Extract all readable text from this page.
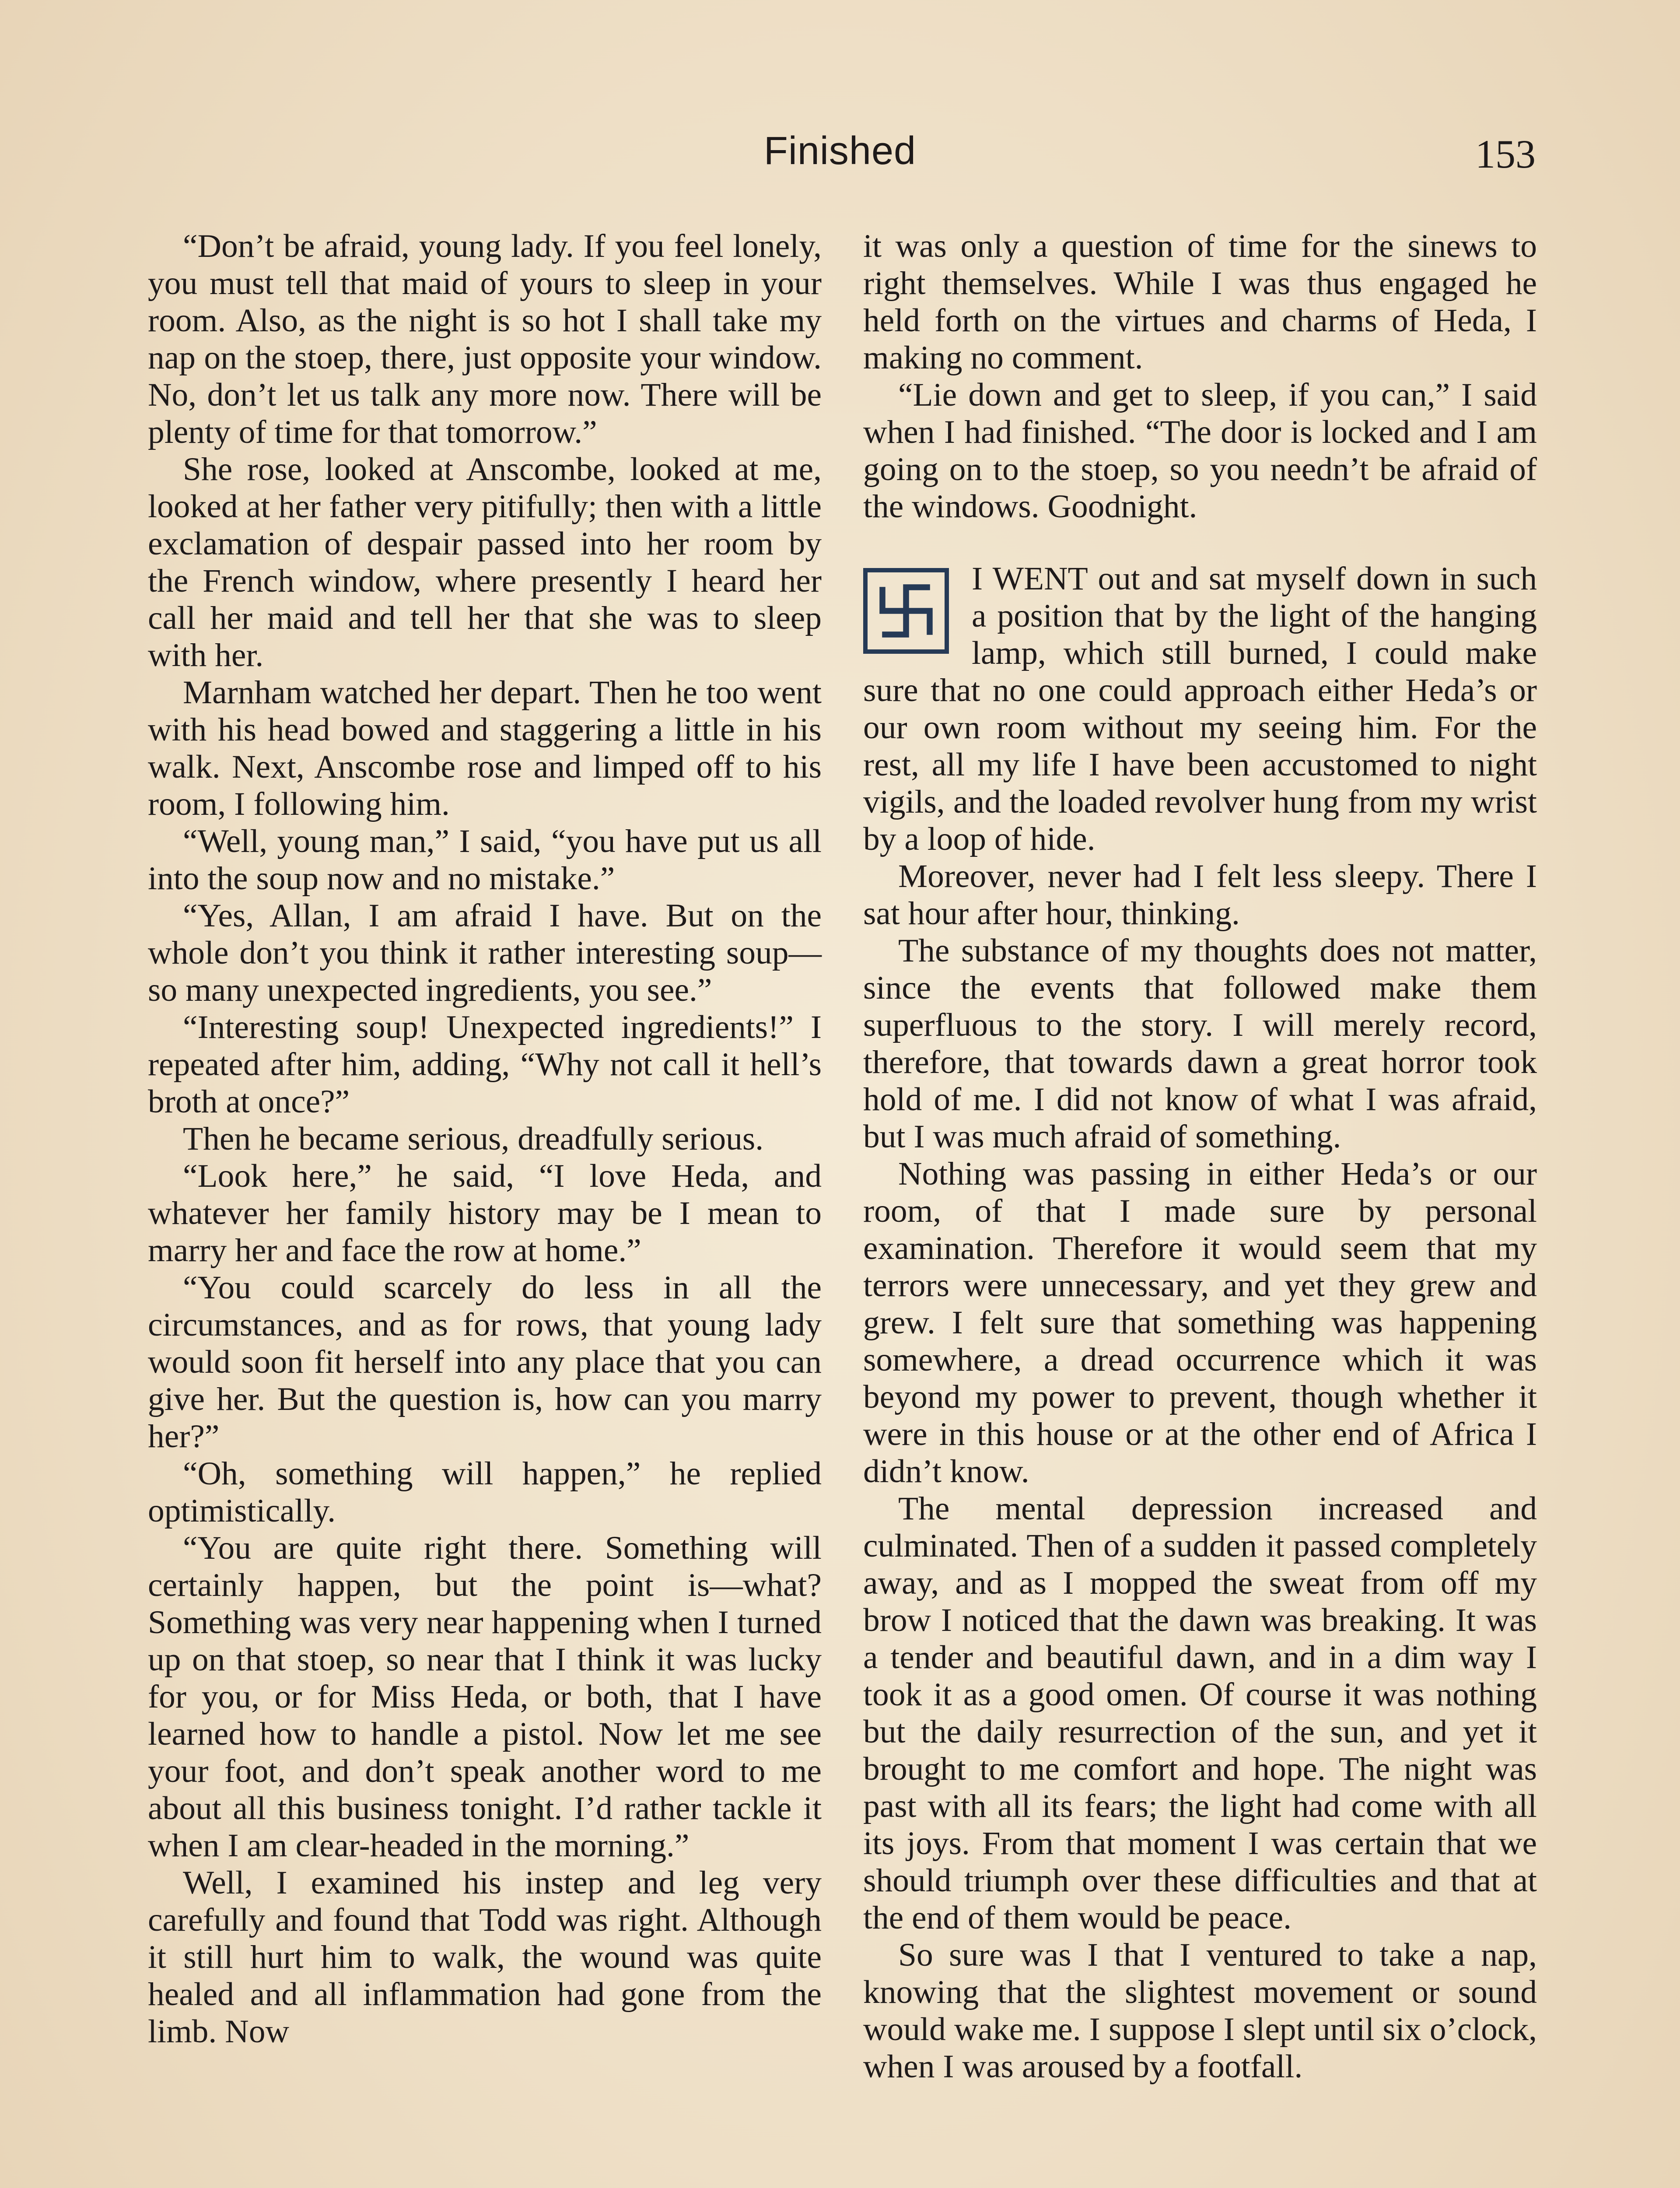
Finished	153

“Don’t be afraid, young lady. If you feel lonely, you must tell that maid of yours to sleep in your room. Also, as the night is so hot I shall take my nap on the stoep, there, just opposite your window. No, don’t let us talk any more now. There will be plenty of time for that tomorrow.”

She rose, looked at Anscombe, looked at me, looked at her father very pitifully; then with a little exclamation of despair passed into her room by the French window, where presently I heard her call her maid and tell her that she was to sleep with her.

Marnham watched her depart. Then he too went with his head bowed and staggering a little in his walk. Next, Anscombe rose and limped off to his room, I following him.

“Well, young man,” I said, “you have put us all into the soup now and no mistake.”

“Yes, Allan, I am afraid I have. But on the whole don’t you think it rather interesting soup—so many unexpected ingredients, you see.”

“Interesting soup! Unexpected ingredients!” I repeated after him, adding, “Why not call it hell’s broth at once?”

Then he became serious, dreadfully serious.

“Look here,” he said, “I love Heda, and whatever her family history may be I mean to marry her and face the row at home.”

“You could scarcely do less in all the circumstances, and as for rows, that young lady would soon fit herself into any place that you can give her. But the question is, how can you marry her?”

“Oh, something will happen,” he replied optimistically.

“You are quite right there. Something will certainly happen, but the point is—what? Something was very near happening when I turned up on that stoep, so near that I think it was lucky for you, or for Miss Heda, or both, that I have learned how to handle a pistol. Now let me see your foot, and don’t speak another word to me about all this business tonight. I’d rather tackle it when I am clear-headed in the morning.”

Well, I examined his instep and leg very carefully and found that Todd was right. Although it still hurt him to walk, the wound was quite healed and all inflammation had gone from the limb. Now

it was only a question of time for the sinews to right themselves. While I was thus engaged he held forth on the virtues and charms of Heda, I making no comment.

“Lie down and get to sleep, if you can,” I said when I had finished. “The door is locked and I am going on to the stoep, so you needn’t be afraid of the windows. Goodnight.

I WENT out and sat myself down in such a position that by the light of the hanging lamp, which still burned, I could make sure that no one could approach either Heda’s or our own room without my seeing him. For the rest, all my life I have been accustomed to night vigils, and the loaded revolver hung from my wrist by a loop of hide.

Moreover, never had I felt less sleepy. There I sat hour after hour, thinking.

The substance of my thoughts does not matter, since the events that followed make them superfluous to the story. I will merely record, therefore, that towards dawn a great horror took hold of me. I did not know of what I was afraid, but I was much afraid of something.

Nothing was passing in either Heda’s or our room, of that I made sure by personal examination. Therefore it would seem that my terrors were unnecessary, and yet they grew and grew. I felt sure that something was happening somewhere, a dread occurrence which it was beyond my power to prevent, though whether it were in this house or at the other end of Africa I didn’t know.

The mental depression increased and culminated. Then of a sudden it passed completely away, and as I mopped the sweat from off my brow I noticed that the dawn was breaking. It was a tender and beautiful dawn, and in a dim way I took it as a good omen. Of course it was nothing but the daily resurrection of the sun, and yet it brought to me comfort and hope. The night was past with all its fears; the light had come with all its joys. From that moment I was certain that we should triumph over these difficulties and that at the end of them would be peace.

So sure was I that I ventured to take a nap, knowing that the slightest movement or sound would wake me. I suppose I slept until six o’clock, when I was aroused by a footfall.
